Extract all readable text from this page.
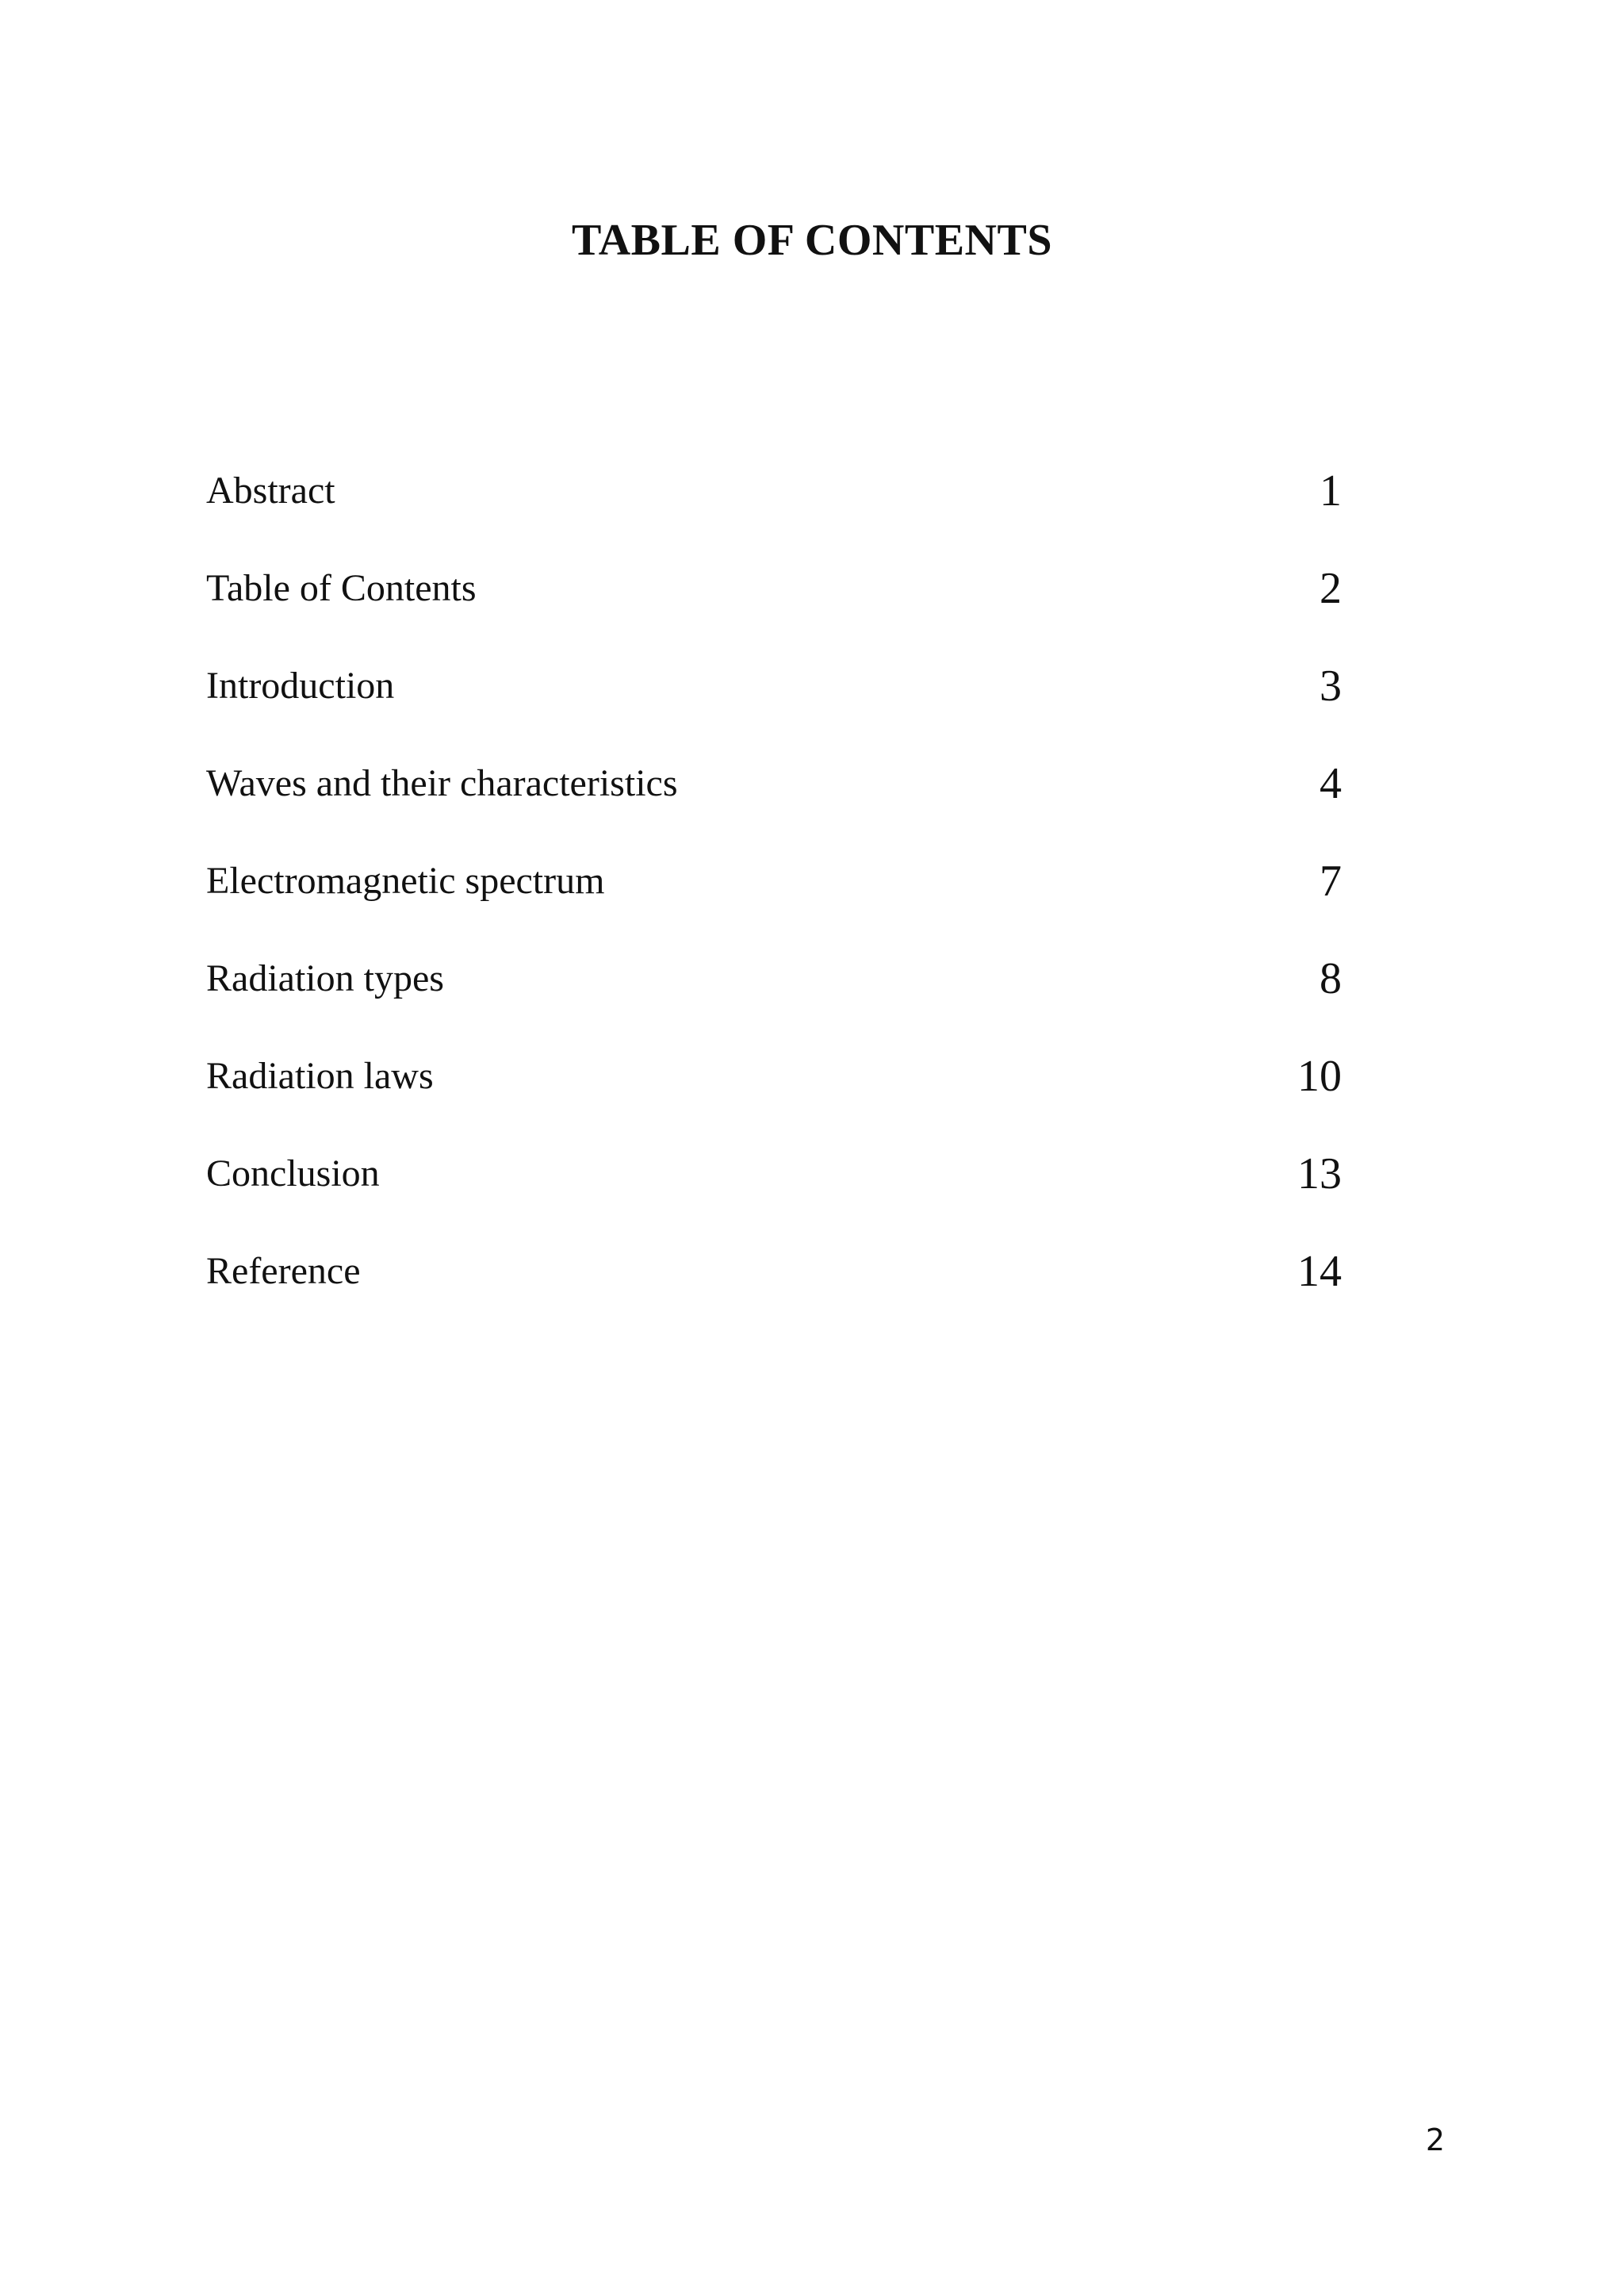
TABLE OF CONTENTS
Abstract	1
Table of Contents	2
Introduction	3
Waves and their characteristics	4
Electromagnetic spectrum	7
Radiation types	8
Radiation laws	10
Conclusion	13
Reference	14
2
